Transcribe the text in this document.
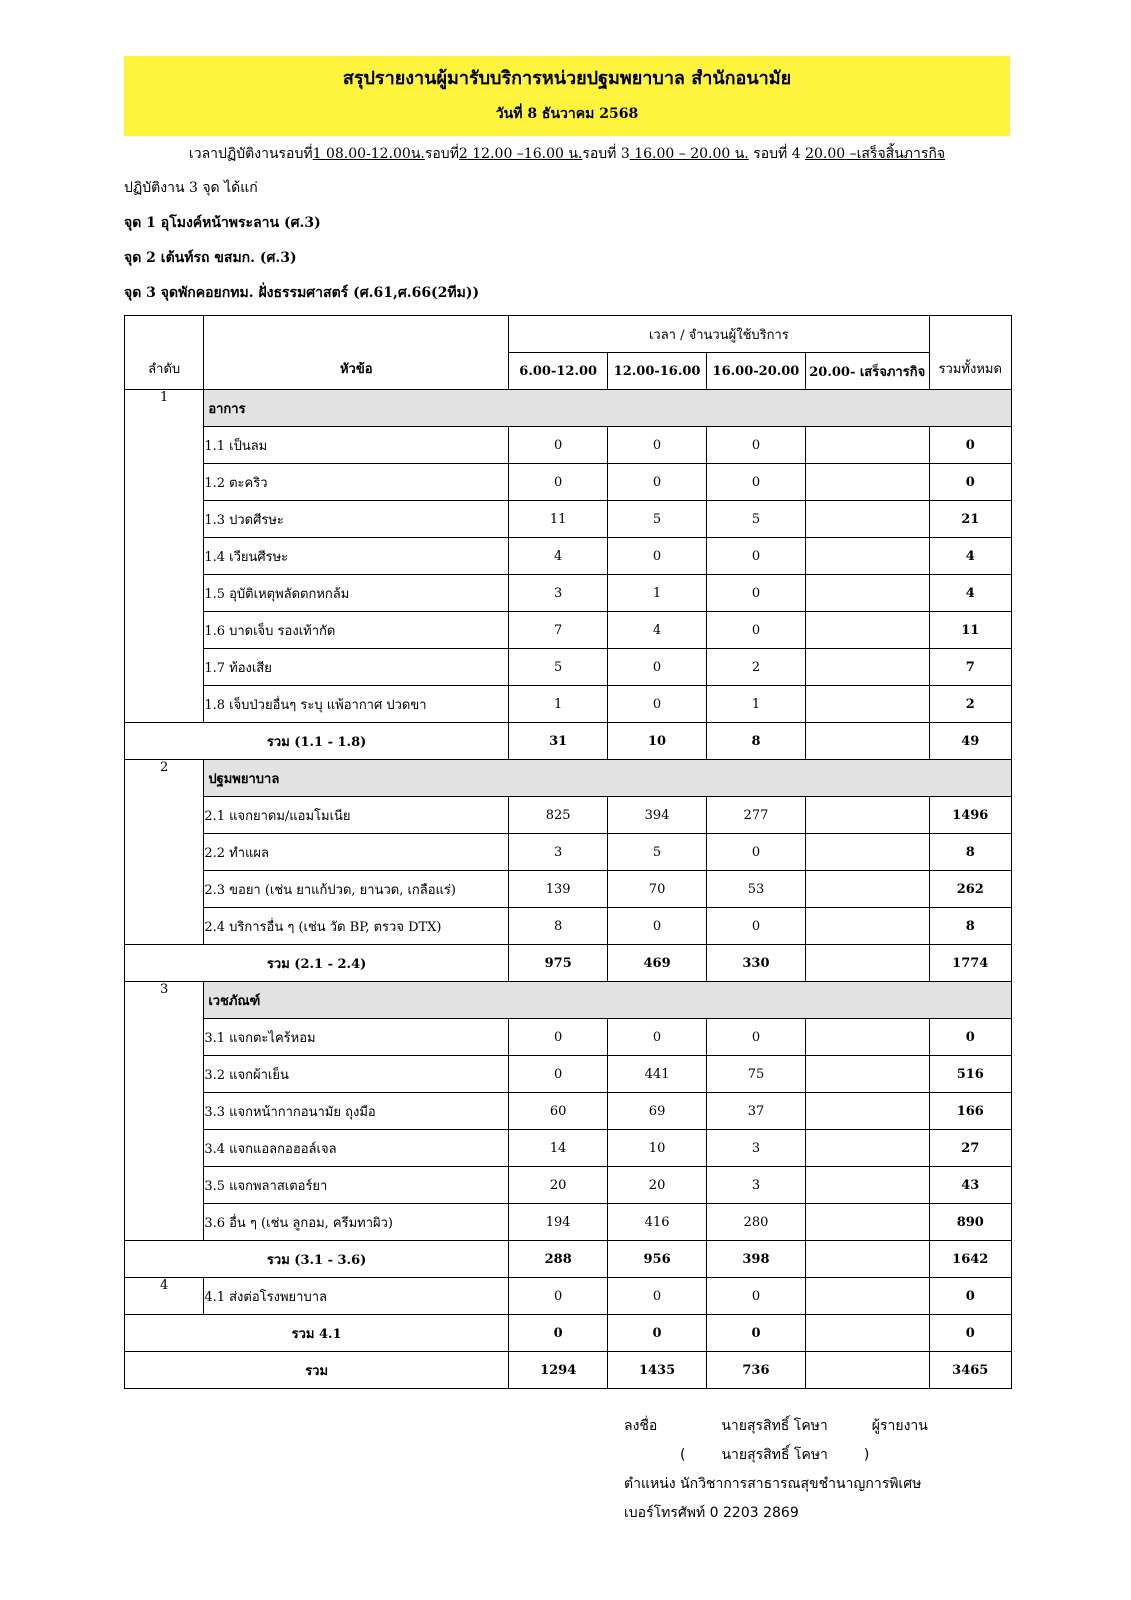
สรุปรายงานผู้มารับบริการหน่วยปฐมพยาบาล สำนักอนามัย
วันที่ 8 ธันวาคม 2568
เวลาปฏิบัติงานรอบที่1 08.00-12.00น.รอบที่2 12.00 –16.00 น.รอบที่ 3 16.00 – 20.00 น. รอบที่ 4 20.00 –เสร็จสิ้นภารกิจ
ปฏิบัติงาน 3 จุด ได้แก่
จุด 1 อุโมงค์หน้าพระลาน (ศ.3)
จุด 2 เต้นท์รถ ขสมก. (ศ.3)
จุด 3 จุดพักคอยกทม. ฝั่งธรรมศาสตร์ (ศ.61,ศ.66(2ทีม))
ลำดับ	หัวข้อ	เวลา / จำนวนผู้ใช้บริการ				รวมทั้งหมด
		6.00-12.00	12.00-16.00	16.00-20.00	20.00- เสร็จภารกิจ	
1	อาการ					
	1.1 เป็นลม	0	0	0		0
	1.2 ตะคริว	0	0	0		0
	1.3 ปวดศีรษะ	11	5	5		21
	1.4 เวียนศีรษะ	4	0	0		4
	1.5 อุบัติเหตุพลัดตกหกล้ม	3	1	0		4
	1.6 บาดเจ็บ รองเท้ากัด	7	4	0		11
	1.7 ท้องเสีย	5	0	2		7
	1.8 เจ็บป่วยอื่นๆ ระบุ แพ้อากาศ ปวดขา	1	0	1		2
รวม (1.1 - 1.8)		31	10	8		49
2	ปฐมพยาบาล					
	2.1 แจกยาดม/แอมโมเนีย	825	394	277		1496
	2.2 ทำแผล	3	5	0		8
	2.3 ขอยา (เช่น ยาแก้ปวด, ยานวด, เกลือแร่)	139	70	53		262
	2.4 บริการอื่น ๆ (เช่น วัด BP, ตรวจ DTX)	8	0	0		8
รวม (2.1 - 2.4)		975	469	330		1774
3	เวชภัณฑ์					
	3.1 แจกตะไคร้หอม	0	0	0		0
	3.2 แจกผ้าเย็น	0	441	75		516
	3.3 แจกหน้ากากอนามัย ถุงมือ	60	69	37		166
	3.4 แจกแอลกอฮอล์เจล	14	10	3		27
	3.5 แจกพลาสเตอร์ยา	20	20	3		43
	3.6 อื่น ๆ (เช่น ลูกอม, ครีมทาผิว)	194	416	280		890
รวม (3.1 - 3.6)		288	956	398		1642
4	4.1 ส่งต่อโรงพยาบาล	0	0	0		0
รวม 4.1		0	0	0		0
รวม		1294	1435	736		3465
ลงชื่อ	นายสุรสิทธิ์ โคษา	ผู้รายงาน
(	นายสุรสิทธิ์ โคษา	)
ตำแหน่ง นักวิชาการสาธารณสุขชำนาญการพิเศษ
เบอร์โทรศัพท์ 0 2203 2869
